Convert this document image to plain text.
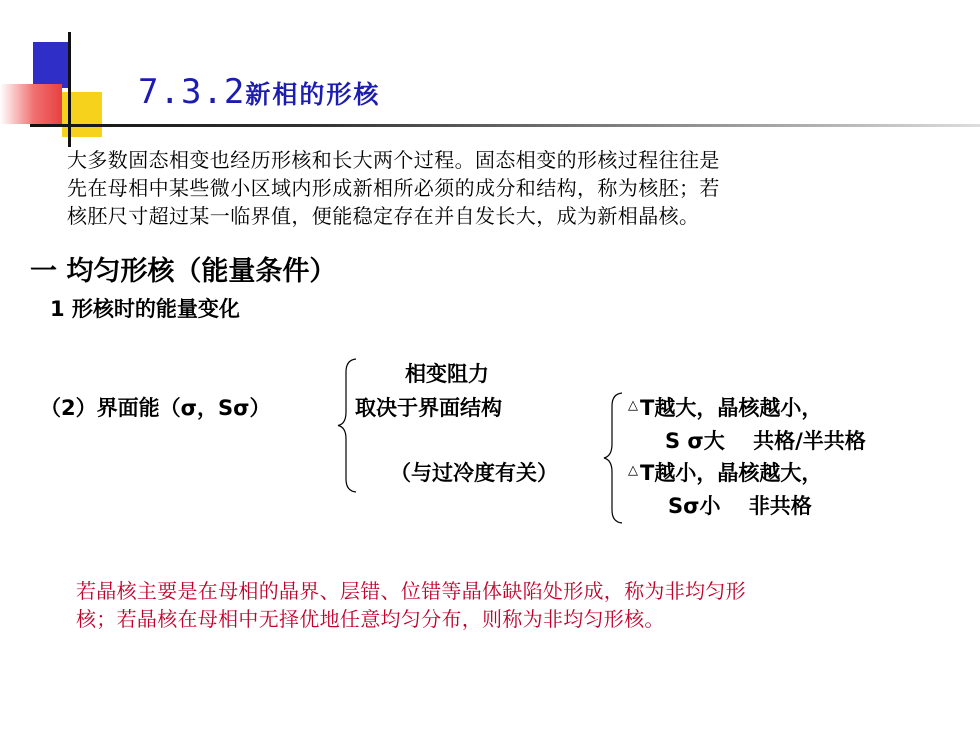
7.3.2新相的形核
大多数固态相变也经历形核和长大两个过程。固态相变的形核过程往往是
先在母相中某些微小区域内形成新相所必须的成分和结构，称为核胚；若
核胚尺寸超过某一临界值，便能稳定存在并自发长大，成为新相晶核。
一 均匀形核（能量条件）
1 形核时的能量变化
（2）界面能（σ，Sσ）
相变阻力
取决于界面结构
（与过冷度有关）
△T越大，晶核越小，
S σ大　 共格/半共格
△T越小，晶核越大，
Sσ小　 非共格
若晶核主要是在母相的晶界、层错、位错等晶体缺陷处形成，称为非均匀形
核；若晶核在母相中无择优地任意均匀分布，则称为非均匀形核。
